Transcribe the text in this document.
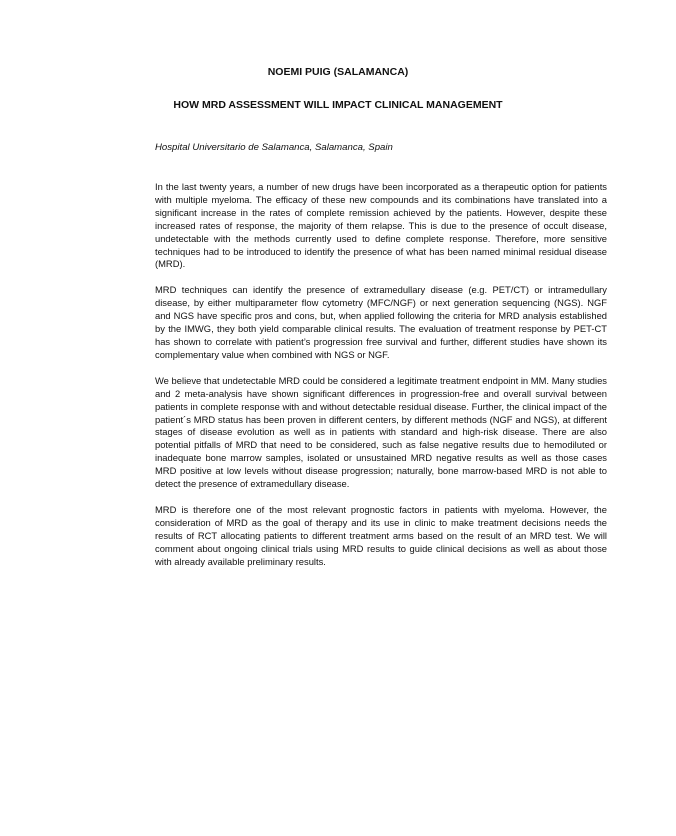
NOEMI PUIG (SALAMANCA)
HOW MRD ASSESSMENT WILL IMPACT CLINICAL MANAGEMENT
Hospital Universitario de Salamanca, Salamanca, Spain

In the last twenty years, a number of new drugs have been incorporated as a therapeutic option for patients with multiple myeloma. The efficacy of these new compounds and its combinations have translated into a significant increase in the rates of complete remission achieved by the patients. However, despite these increased rates of response, the majority of them relapse. This is due to the presence of occult disease, undetectable with the methods currently used to define complete response. Therefore, more sensitive techniques had to be introduced to identify the presence of what has been named minimal residual disease (MRD).

MRD techniques can identify the presence of extramedullary disease (e.g. PET/CT) or intramedullary disease, by either multiparameter flow cytometry (MFC/NGF) or next generation sequencing (NGS). NGF and NGS have specific pros and cons, but, when applied following the criteria for MRD analysis established by the IMWG, they both yield comparable clinical results. The evaluation of treatment response by PET-CT has shown to correlate with patient’s progression free survival and further, different studies have shown its complementary value when combined with NGS or NGF.

We believe that undetectable MRD could be considered a legitimate treatment endpoint in MM. Many studies and 2 meta-analysis have shown significant differences in progression-free and overall survival between patients in complete response with and without detectable residual disease. Further, the clinical impact of the patient´s MRD status has been proven in different centers, by different methods (NGF and NGS), at different stages of disease evolution as well as in patients with standard and high-risk disease. There are also potential pitfalls of MRD that need to be considered, such as false negative results due to hemodiluted or inadequate bone marrow samples, isolated or unsustained MRD negative results as well as those cases MRD positive at low levels without disease progression; naturally, bone marrow-based MRD is not able to detect the presence of extramedullary disease.

MRD is therefore one of the most relevant prognostic factors in patients with myeloma. However, the consideration of MRD as the goal of therapy and its use in clinic to make treatment decisions needs the results of RCT allocating patients to different treatment arms based on the result of an MRD test. We will comment about ongoing clinical trials using MRD results to guide clinical decisions as well as about those with already available preliminary results.
